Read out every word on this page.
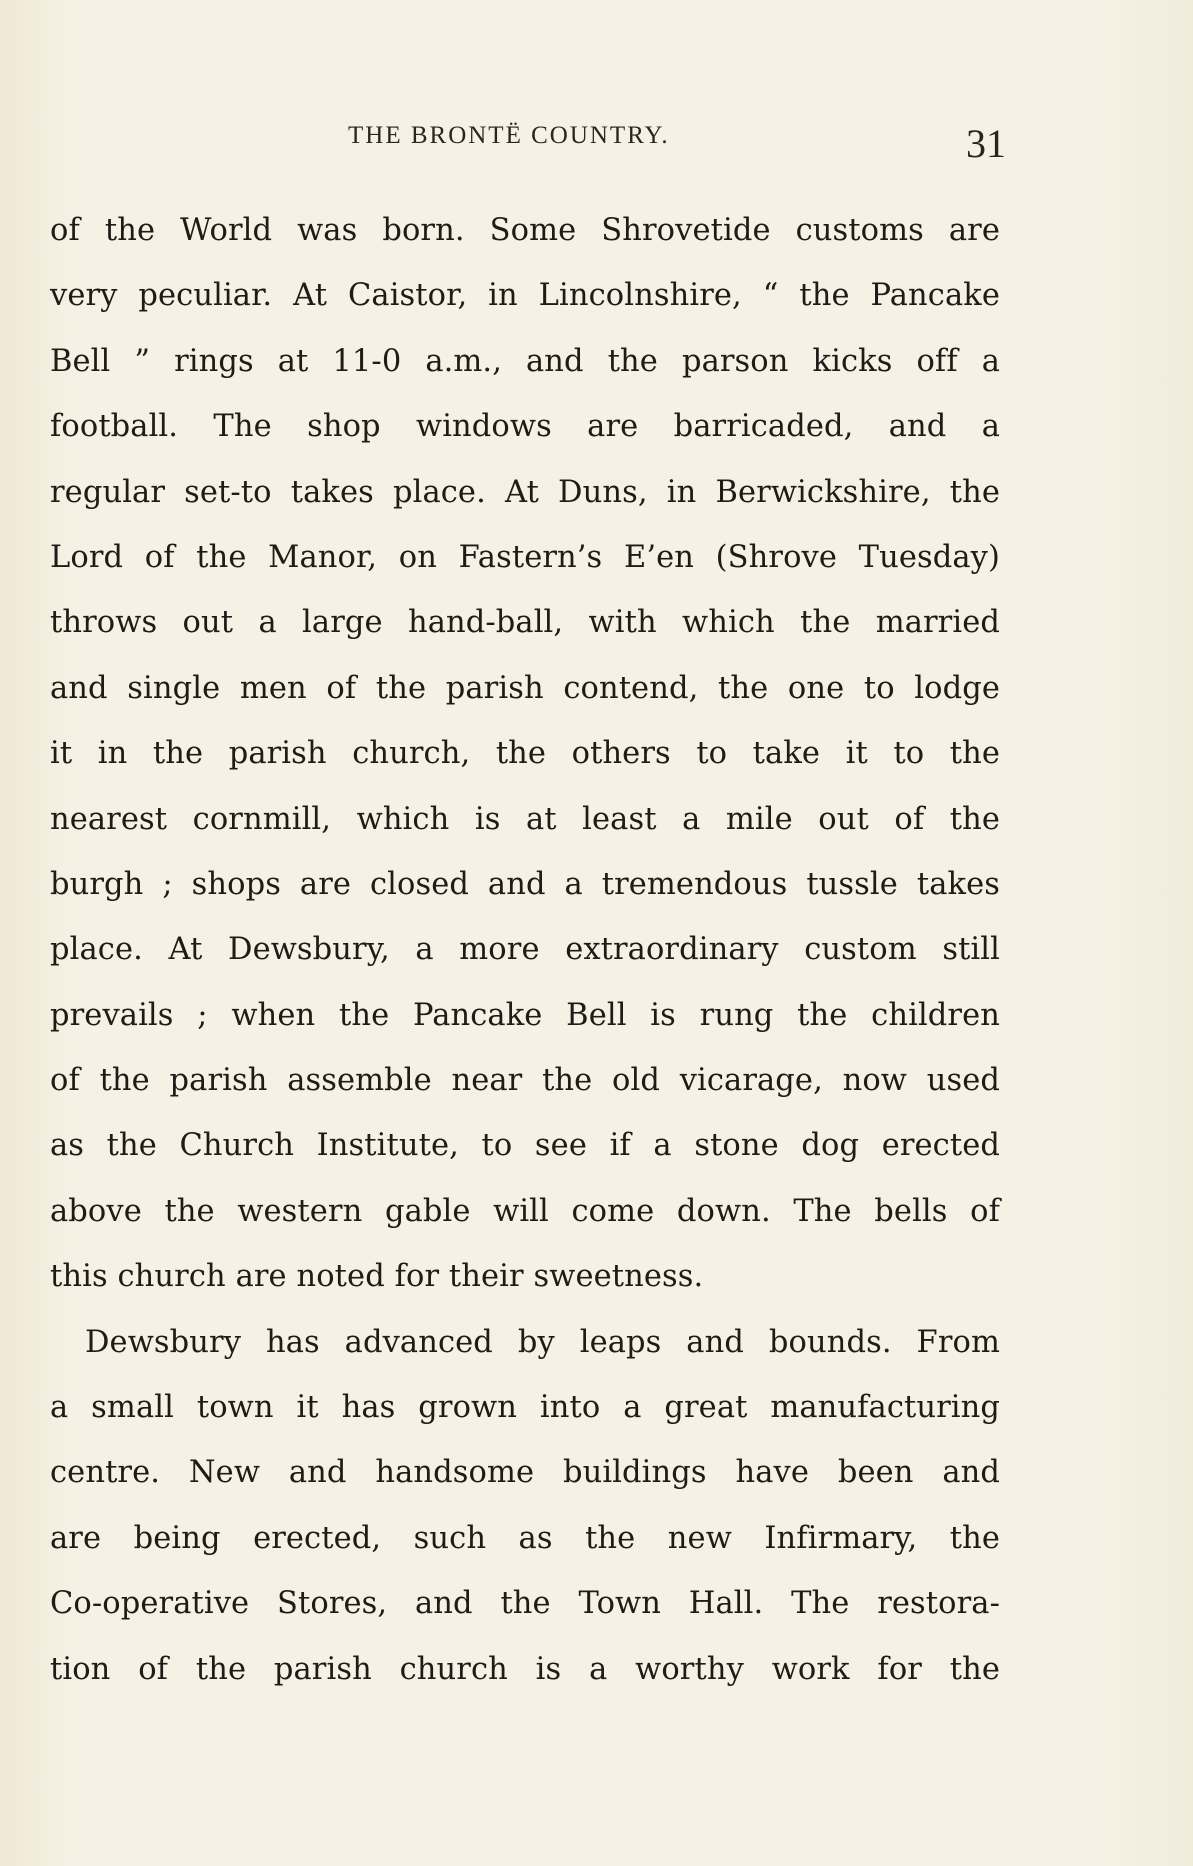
THE BRONTË COUNTRY.	31
of the World was born. Some Shrovetide customs are
very peculiar. At Caistor, in Lincolnshire, “ the Pancake
Bell ” rings at 11-0 a.m., and the parson kicks off a
football. The shop windows are barricaded, and a
regular set-to takes place. At Duns, in Berwickshire, the
Lord of the Manor, on Fastern’s E’en (Shrove Tuesday)
throws out a large hand-ball, with which the married
and single men of the parish contend, the one to lodge
it in the parish church, the others to take it to the
nearest cornmill, which is at least a mile out of the
burgh ; shops are closed and a tremendous tussle takes
place. At Dewsbury, a more extraordinary custom still
prevails ; when the Pancake Bell is rung the children
of the parish assemble near the old vicarage, now used
as the Church Institute, to see if a stone dog erected
above the western gable will come down. The bells of
this church are noted for their sweetness.
Dewsbury has advanced by leaps and bounds. From
a small town it has grown into a great manufacturing
centre. New and handsome buildings have been and
are being erected, such as the new Infirmary, the
Co-operative Stores, and the Town Hall. The restora-
tion of the parish church is a worthy work for the
